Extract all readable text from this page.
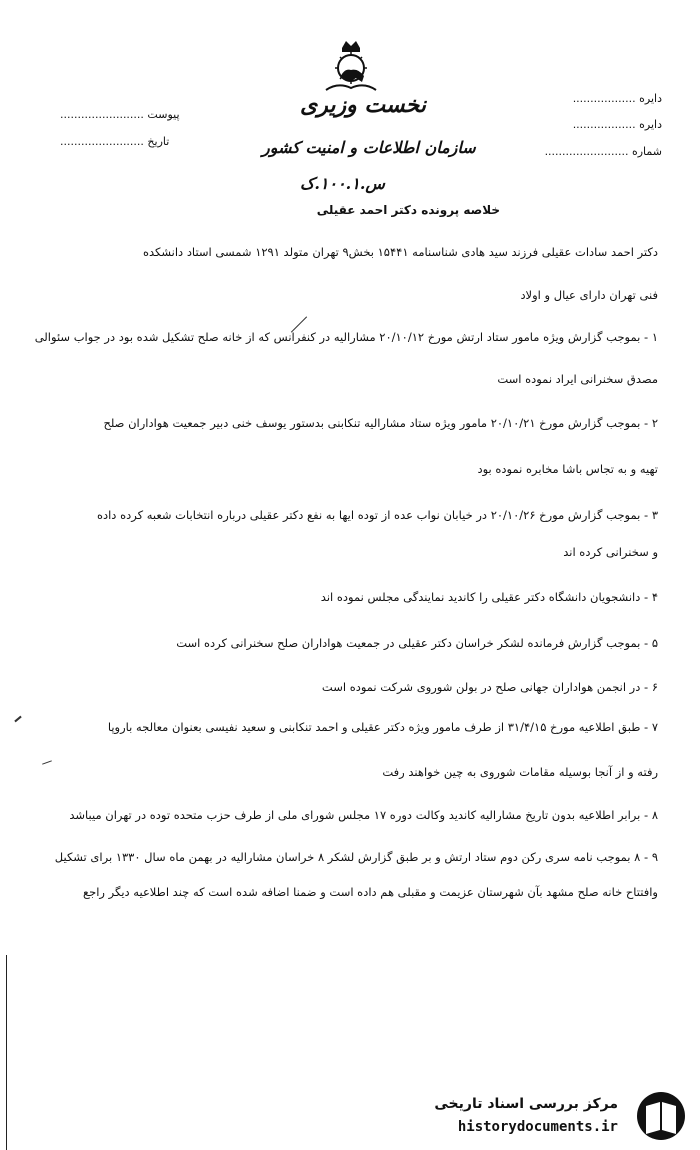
نخست وزیری
سازمان اطلاعات و امنیت کشور
س.۱۰۰.۱.ک
پیوست ........................
تاریخ ........................
دایره ..................
دایره ..................
شماره ........................
خلاصه پرونده دکتر احمد عقیلی
دکتر احمد سادات عقیلی فرزند سید هادی شناسنامه ۱۵۴۴۱ بخش۹ تهران متولد ۱۲۹۱ شمسی استاد دانشکده
فنی تهران دارای عیال و اولاد
۱ - بموجب گزارش ویژه مامور ستاد ارتش مورخ ۲۰/۱۰/۱۲ مشارالیه در کنفرانس که از خانه صلح تشکیل شده بود در جواب سئوالی
مصدق سخنرانی ایراد نموده است
۲ - بموجب گزارش مورخ ۲۰/۱۰/۲۱ مامور ویژه ستاد مشارالیه تنکابنی بدستور یوسف خنی دبیر جمعیت هواداران صلح
تهیه و به تجاس باشا مخابره نموده بود
۳ - بموجب گزارش مورخ ۲۰/۱۰/۲۶ در خیابان نواب عده از توده ایها به نفع دکتر عقیلی درباره انتخابات شعبه کرده داده
و سخنرانی کرده اند
۴ - دانشجویان دانشگاه دکتر عقیلی را کاندید نمایندگی مجلس نموده اند
۵ - بموجب گزارش فرمانده لشکر خراسان دکتر عقیلی در جمعیت هواداران صلح سخنرانی کرده است
۶ - در انجمن هواداران جهانی صلح در بولن شوروی شرکت نموده است
۷ - طبق اطلاعیه مورخ ۳۱/۴/۱۵ از طرف مامور ویژه دکتر عقیلی و احمد تنکابنی و سعید نفیسی بعنوان معالجه باروپا
رفته و از آنجا بوسیله مقامات شوروی به چین خواهند رفت
۸ - برابر اطلاعیه بدون تاریخ مشارالیه کاندید وکالت دوره ۱۷ مجلس شورای ملی از طرف حزب متحده توده در تهران میباشد
۹ - ۸ بموجب نامه سری رکن دوم ستاد ارتش و بر طبق گزارش لشکر ۸ خراسان مشارالیه در بهمن ماه سال ۱۳۳۰ برای تشکیل
وافتتاح خانه صلح مشهد بآن شهرستان عزیمت و مقبلی هم داده است و ضمنا اضافه شده است که چند اطلاعیه دیگر راجع
مرکز بررسی اسناد تاریخی
historydocuments.ir
